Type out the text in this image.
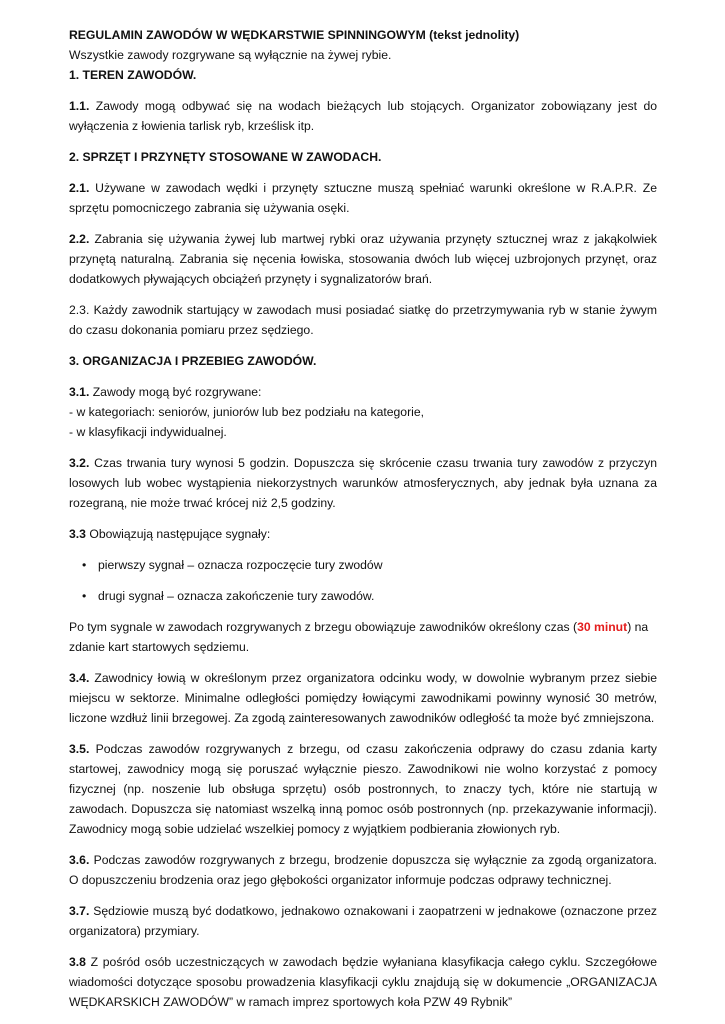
REGULAMIN ZAWODÓW W WĘDKARSTWIE SPINNINGOWYM (tekst jednolity)

Wszystkie zawody rozgrywane są wyłącznie na żywej rybie.

1. TEREN ZAWODÓW.

1.1. Zawody mogą odbywać się na wodach bieżących lub stojących. Organizator zobowiązany jest do wyłączenia z łowienia tarlisk ryb, krześlisk itp.

2. SPRZĘT I PRZYNĘTY STOSOWANE W ZAWODACH.

2.1. Używane w zawodach wędki i przynęty sztuczne muszą spełniać warunki określone w R.A.P.R. Ze sprzętu pomocniczego zabrania się używania osęki.

2.2. Zabrania się używania żywej lub martwej rybki oraz używania przynęty sztucznej wraz z jakąkolwiek przynętą naturalną. Zabrania się nęcenia łowiska, stosowania dwóch lub więcej uzbrojonych przynęt, oraz dodatkowych pływających obciążeń przynęty i sygnalizatorów brań.

2.3. Każdy zawodnik startujący w zawodach musi posiadać siatkę do przetrzymywania ryb w stanie żywym do czasu dokonania pomiaru przez sędziego.

3. ORGANIZACJA I PRZEBIEG ZAWODÓW.

3.1. Zawody mogą być rozgrywane:
- w kategoriach: seniorów, juniorów lub bez podziału na kategorie,
- w klasyfikacji indywidualnej.

3.2. Czas trwania tury wynosi 5 godzin. Dopuszcza się skrócenie czasu trwania tury zawodów z przyczyn losowych lub wobec wystąpienia niekorzystnych warunków atmosferycznych, aby jednak była uznana za rozegraną, nie może trwać krócej niż 2,5 godziny.

3.3 Obowiązują następujące sygnały:

• pierwszy sygnał – oznacza rozpoczęcie tury zwodów
• drugi sygnał – oznacza zakończenie tury zawodów.

Po tym sygnale w zawodach rozgrywanych z brzegu obowiązuje zawodników określony czas (30 minut) na zdanie kart startowych sędziemu.

3.4. Zawodnicy łowią w określonym przez organizatora odcinku wody, w dowolnie wybranym przez siebie miejscu w sektorze. Minimalne odległości pomiędzy łowiącymi zawodnikami powinny wynosić 30 metrów, liczone wzdłuż linii brzegowej. Za zgodą zainteresowanych zawodników odległość ta może być zmniejszona.

3.5. Podczas zawodów rozgrywanych z brzegu, od czasu zakończenia odprawy do czasu zdania karty startowej, zawodnicy mogą się poruszać wyłącznie pieszo. Zawodnikowi nie wolno korzystać z pomocy fizycznej (np. noszenie lub obsługa sprzętu) osób postronnych, to znaczy tych, które nie startują w zawodach. Dopuszcza się natomiast wszelką inną pomoc osób postronnych (np. przekazywanie informacji). Zawodnicy mogą sobie udzielać wszelkiej pomocy z wyjątkiem podbierania złowionych ryb.

3.6. Podczas zawodów rozgrywanych z brzegu, brodzenie dopuszcza się wyłącznie za zgodą organizatora. O dopuszczeniu brodzenia oraz jego głębokości organizator informuje podczas odprawy technicznej.

3.7. Sędziowie muszą być dodatkowo, jednakowo oznakowani i zaopatrzeni w jednakowe (oznaczone przez organizatora) przymiary.

3.8 Z pośród osób uczestniczących w zawodach będzie wyłaniana klasyfikacja całego cyklu. Szczegółowe wiadomości dotyczące sposobu prowadzenia klasyfikacji cyklu znajdują się w dokumencie „ORGANIZACJA WĘDKARSKICH ZAWODÓW” w ramach imprez sportowych koła PZW 49 Rybnik”
